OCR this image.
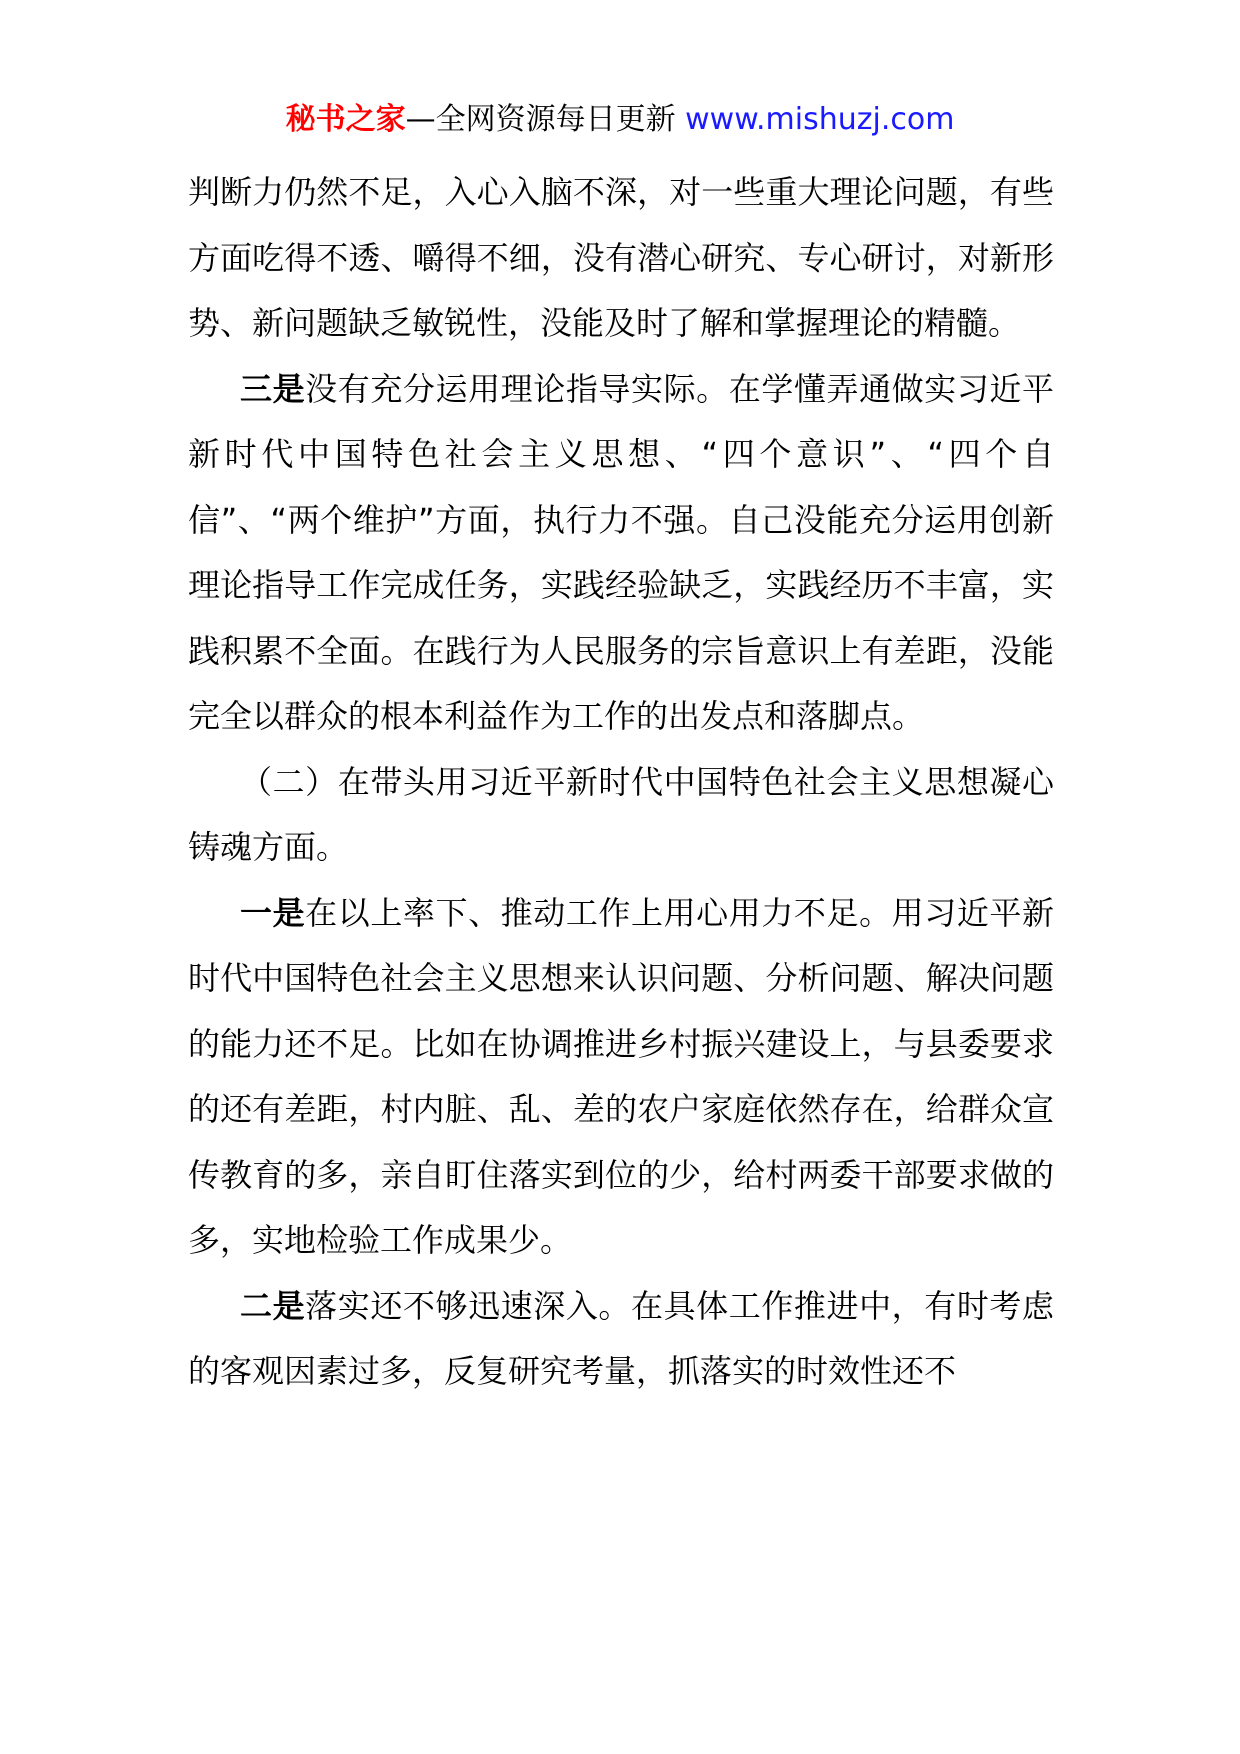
秘书之家—全网资源每日更新 www.mishuzj.com

判断力仍然不足，入心入脑不深，对一些重大理论问题，有些方面吃得不透、嚼得不细，没有潜心研究、专心研讨，对新形势、新问题缺乏敏锐性，没能及时了解和掌握理论的精髓。

三是没有充分运用理论指导实际。在学懂弄通做实习近平新时代中国特色社会主义思想、“四个意识”、“四个自信”、“两个维护”方面，执行力不强。自己没能充分运用创新理论指导工作完成任务，实践经验缺乏，实践经历不丰富，实践积累不全面。在践行为人民服务的宗旨意识上有差距，没能完全以群众的根本利益作为工作的出发点和落脚点。

（二）在带头用习近平新时代中国特色社会主义思想凝心铸魂方面。

一是在以上率下、推动工作上用心用力不足。用习近平新时代中国特色社会主义思想来认识问题、分析问题、解决问题的能力还不足。比如在协调推进乡村振兴建设上，与县委要求的还有差距，村内脏、乱、差的农户家庭依然存在，给群众宣传教育的多，亲自盯住落实到位的少，给村两委干部要求做的多，实地检验工作成果少。

二是落实还不够迅速深入。在具体工作推进中，有时考虑的客观因素过多，反复研究考量，抓落实的时效性还不
